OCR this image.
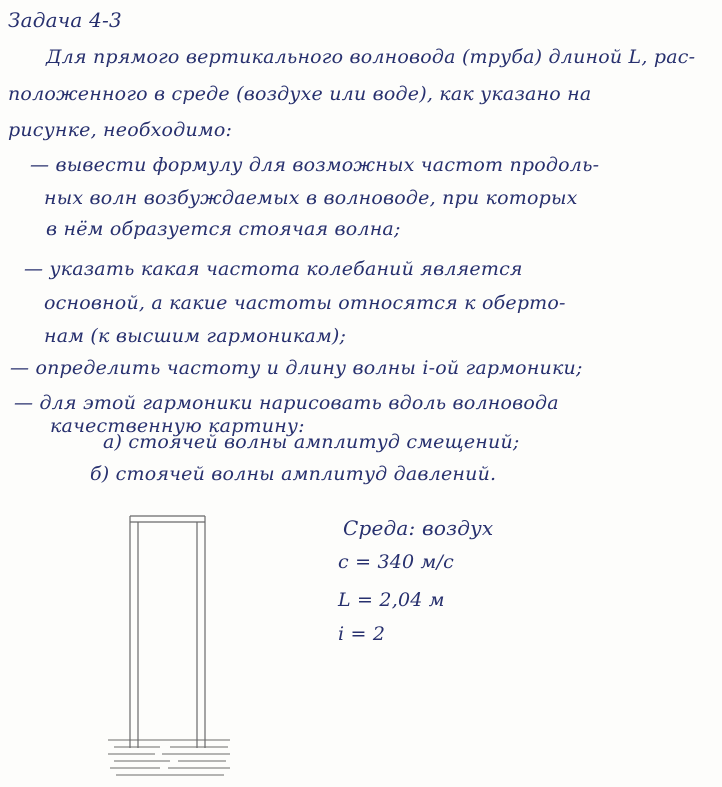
Задача 4-3
Для прямого вертикального волновода (труба) длиной L, рас-
положенного в среде (воздухе или воде), как указано на
рисунке, необходимо:
— вывести формулу для возможных частот продоль-
ных волн возбуждаемых в волноводе, при которых
в нём образуется стоячая волна;
— указать какая частота колебаний является
основной, а какие частоты относятся к оберто-
нам (к высшим гармоникам);
— определить частоту и длину волны i-ой гармоники;
— для этой гармоники нарисовать вдоль волновода
качественную картину:
а) стоячей волны амплитуд смещений;
б) стоячей волны амплитуд давлений.
Среда: воздух
c = 340 м/с
L = 2,04 м
i = 2
